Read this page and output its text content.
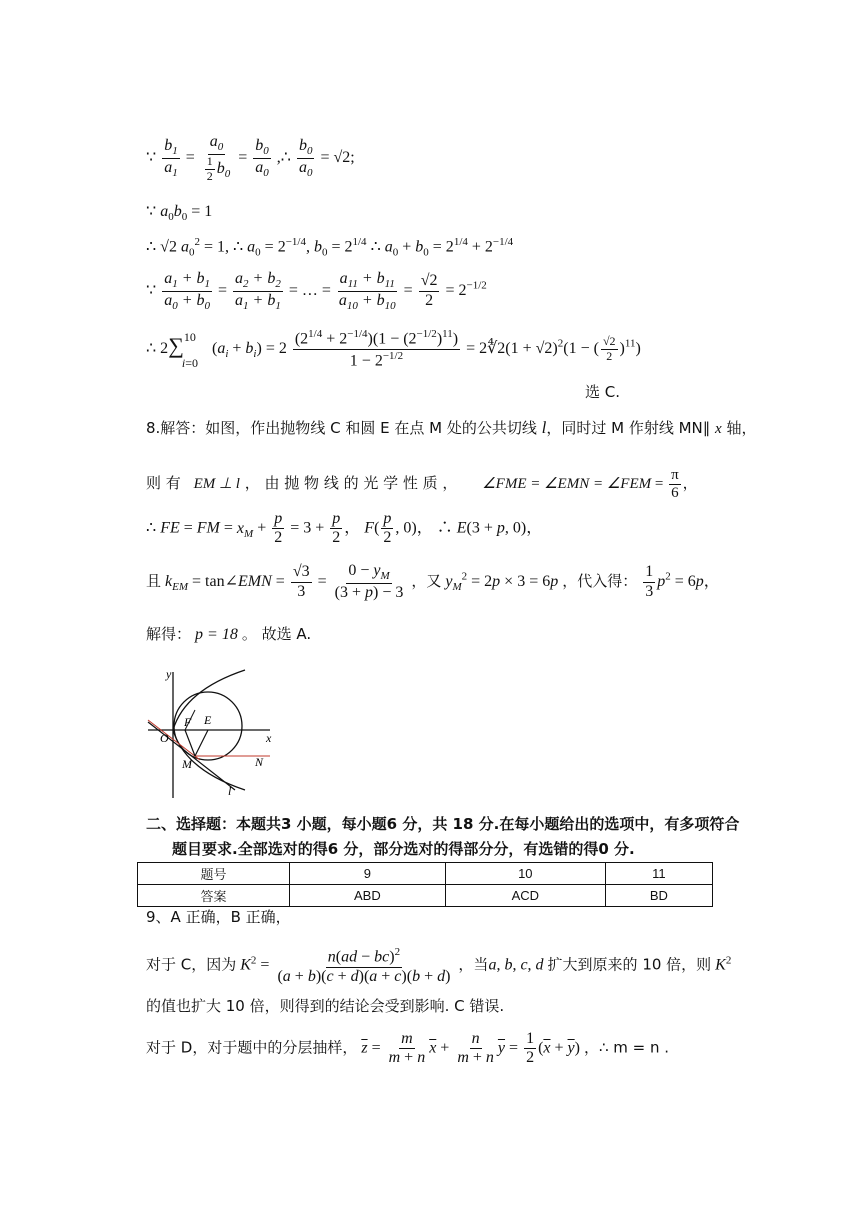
∵ $\frac{b_1}{a_1} = \frac{a_0}{\frac{1}{2} b_0} = \frac{b_0}{a_0}$ ,∴ $\frac{b_0}{a_0} = √2$;
∵ $a_0b_0 = 1$
∴ √2 $a_0^2 = 1$, ∴ $a_0 = 2^{-1/4}$, $b_0 = 2^{1/4}$ ∴ $a_0 + b_0 = 2^{1/4} + 2^{-1/4}$
∵ $\frac{a_1 + b_1}{a_0 + b_0} = \frac{a_2 + b_2}{a_1 + b_1}$ = … = $\frac{a_{11} + b_{11}}{a_{10} + b_{10}} = \frac{√2}{2} = 2^{-1/2}$
∴ $2\sum^{10}_{i=0}(a_i + b_i) = 2 \frac{(2^{1/4} + 2^{-1/4})(1 - (2^{-1/2})^{11})}{1 - 2^{-1/2}}$ = 2∜2(1 + √2)$^2$(1 − ( $\frac{√2}{2} )^{11}$)
选 C.
8.解答：如图，作出抛物线 C 和圆 E 在点 M 处的公共切线 l，同时过 M 作射线 MN∥ x 轴，
则 有 EM ⊥ l ， 由 抛 物 线 的 光 学 性 质 ， ∠FME = ∠EMN = ∠FEM = $\frac{\pi}{6}$ ，
∴ FE = FM = $x_M + \frac{p}{2} = 3 + \frac{p}{2}$ ， $F( \frac{p}{2}$ , 0)， ∴ E(3 + p, 0)，
且 $k_{EM}$ = tan∠EMN = $\frac{√3}{3} = \frac{0 - y_M}{(3 + p) - 3}$ ，又 $y_M^2 = 2p \times 3 = 6p$ ，代入得： $\frac{1}{3} p^2 = 6p$，
解得： p = 18 。 故选 A.
y
O
F E
x
M	N
l
二、选择题：本题共3 小题，每小题6 分，共 18 分.在每小题给出的选项中，有多项符合
题目要求.全部选对的得6 分，部分选对的得部分分，有选错的得0 分.
题号	9	10	11
答案	ABD	ACD	BD
9、A 正确，B 正确，
对于 C，因为 $K^2 = \frac{n(ad - bc)^2}{(a + b)(c + d)(a + c)(b + d)}$ ，当a, b, c, d 扩大到原来的 10 倍，则 $K^2$
的值也扩大 10 倍，则得到的结论会受到影响. C 错误.
对于 D，对于题中的分层抽样， $\overline{z} = \frac{m}{m + n} \overline{x} + \frac{n}{m + n} \overline{y} = \frac{1}{2} (\overline{x} + \overline{y})$ ，∴ m = n .
